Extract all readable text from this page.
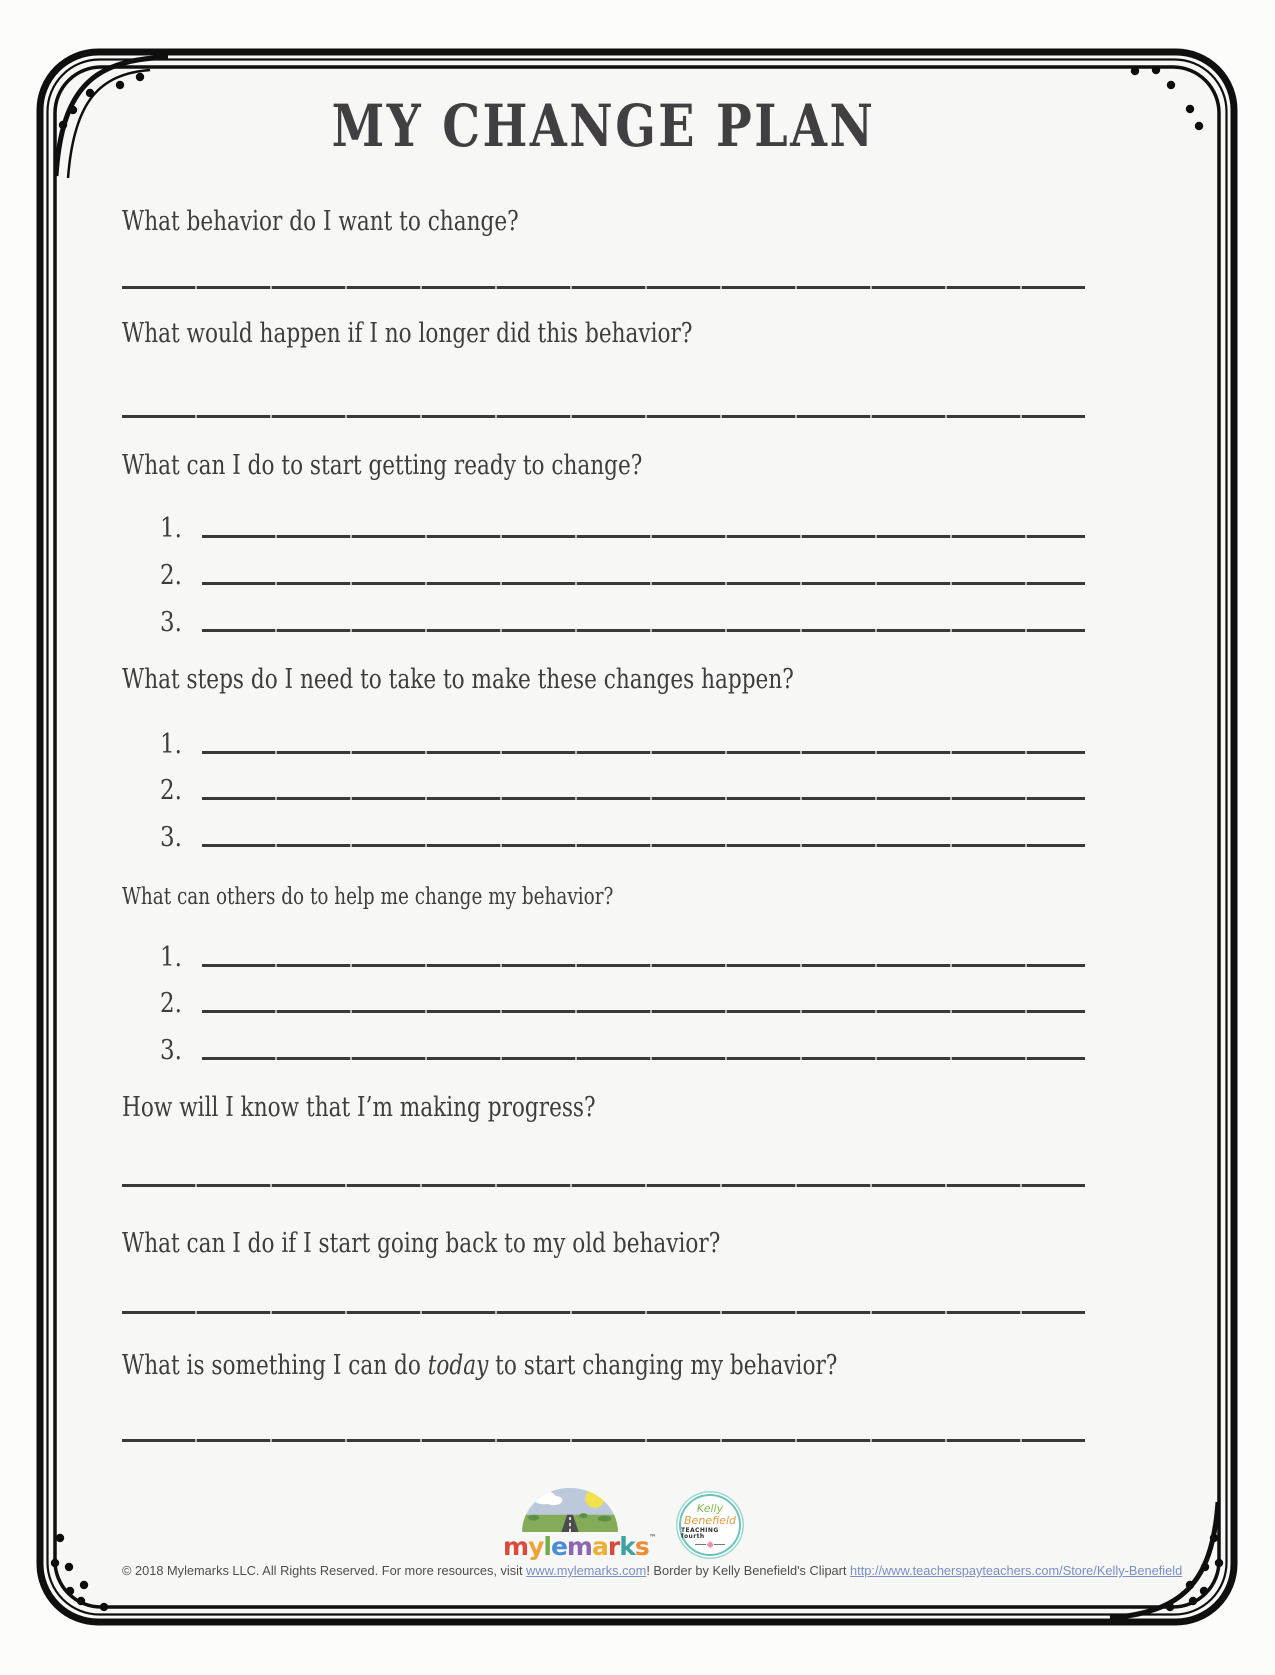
MY CHANGE PLAN
What behavior do I want to change?
What would happen if I no longer did this behavior?
What can I do to start getting ready to change?
1.
2.
3.
What steps do I need to take to make these changes happen?
1.
2.
3.
What can others do to help me change my behavior?
1.
2.
3.
How will I know that I’m making progress?
What can I do if I start going back to my old behavior?
What is something I can do today to start changing my behavior?
mylemarks™
Kelly
Benefield
TEACHING fourth
© 2018 Mylemarks LLC. All Rights Reserved. For more resources, visit www.mylemarks.com! Border by Kelly Benefield's Clipart http://www.teacherspayteachers.com/Store/Kelly-Benefield
